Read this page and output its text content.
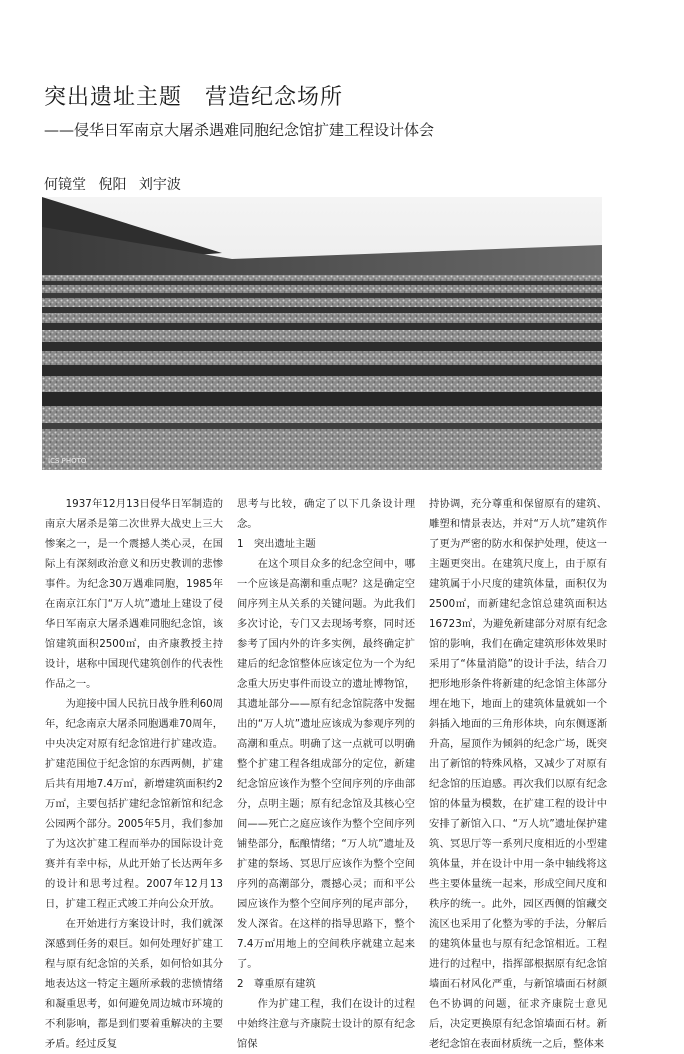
突出遗址主题　营造纪念场所
——侵华日军南京大屠杀遇难同胞纪念馆扩建工程设计体会
何镜堂 倪阳 刘宇波
ICS PHOTO

1937年12月13日侵华日军制造的南京大屠杀是第二次世界大战史上三大惨案之一，是一个震撼人类心灵，在国际上有深刻政治意义和历史教训的悲惨事件。为纪念30万遇难同胞，1985年在南京江东门“万人坑”遗址上建设了侵华日军南京大屠杀遇难同胞纪念馆，该馆建筑面积2500㎡，由齐康教授主持设计，堪称中国现代建筑创作的代表性作品之一。

为迎接中国人民抗日战争胜利60周年，纪念南京大屠杀同胞遇难70周年，中央决定对原有纪念馆进行扩建改造。扩建范围位于纪念馆的东西两侧，扩建后共有用地7.4万㎡，新增建筑面积约2万㎡，主要包括扩建纪念馆新馆和纪念公园两个部分。2005年5月，我们参加了为这次扩建工程而举办的国际设计竞赛并有幸中标，从此开始了长达两年多的设计和思考过程。2007年12月13日，扩建工程正式竣工并向公众开放。

在开始进行方案设计时，我们就深深感到任务的艰巨。如何处理好扩建工程与原有纪念馆的关系，如何恰如其分地表达这一特定主题所承载的悲愤情绪和凝重思考，如何避免周边城市环境的不利影响，都是到们要着重解决的主要矛盾。经过反复

思考与比较，确定了以下几条设计理念。

1　突出遗址主题

在这个项目众多的纪念空间中，哪一个应该是高潮和重点呢？这是确定空间序列主从关系的关键问题。为此我们多次讨论，专门又去现场考察，同时还参考了国内外的许多实例，最终确定扩建后的纪念馆整体应该定位为一个为纪念重大历史事件而设立的遗址博物馆，其遗址部分——原有纪念馆院落中发掘出的“万人坑”遗址应该成为参观序列的高潮和重点。明确了这一点就可以明确整个扩建工程各组成部分的定位，新建纪念馆应该作为整个空间序列的序曲部分，点明主题；原有纪念馆及其核心空间——死亡之庭应该作为整个空间序列铺垫部分，酝酿情绪；“万人坑”遗址及扩建的祭场、冥思厅应该作为整个空间序列的高潮部分，震撼心灵；而和平公园应该作为整个空间序列的尾声部分，发人深省。在这样的指导思路下，整个7.4万㎡用地上的空间秩序就建立起来了。

2　尊重原有建筑

作为扩建工程，我们在设计的过程中始终注意与齐康院士设计的原有纪念馆保

持协调，充分尊重和保留原有的建筑、雕塑和情景表达，并对“万人坑”建筑作了更为严密的防水和保护处理，使这一主题更突出。在建筑尺度上，由于原有建筑属于小尺度的建筑体量，面积仅为2500㎡，而新建纪念馆总建筑面积达16723㎡，为避免新建部分对原有纪念馆的影响，我们在确定建筑形体效果时采用了“体量消隐”的设计手法，结合刀把形地形条件将新建的纪念馆主体部分埋在地下，地面上的建筑体量就如一个斜插入地面的三角形体块，向东侧逐渐升高，屋顶作为倾斜的纪念广场，既突出了新馆的特殊风格，又减少了对原有纪念馆的压迫感。再次我们以原有纪念馆的体量为模数，在扩建工程的设计中安排了新馆入口、“万人坑”遗址保护建筑、冥思厅等一系列尺度相近的小型建筑体量，并在设计中用一条中轴线将这些主要体量统一起来，形成空间尺度和秩序的统一。此外，园区西侧的馆藏交流区也采用了化整为零的手法，分解后的建筑体量也与原有纪念馆相近。工程进行的过程中，指挥部根据原有纪念馆墙面石材风化严重，与新馆墙面石材颜色不协调的问题，征求齐康院士意见后，决定更换原有纪念馆墙面石材。新老纪念馆在表面材质统一之后，整体来
